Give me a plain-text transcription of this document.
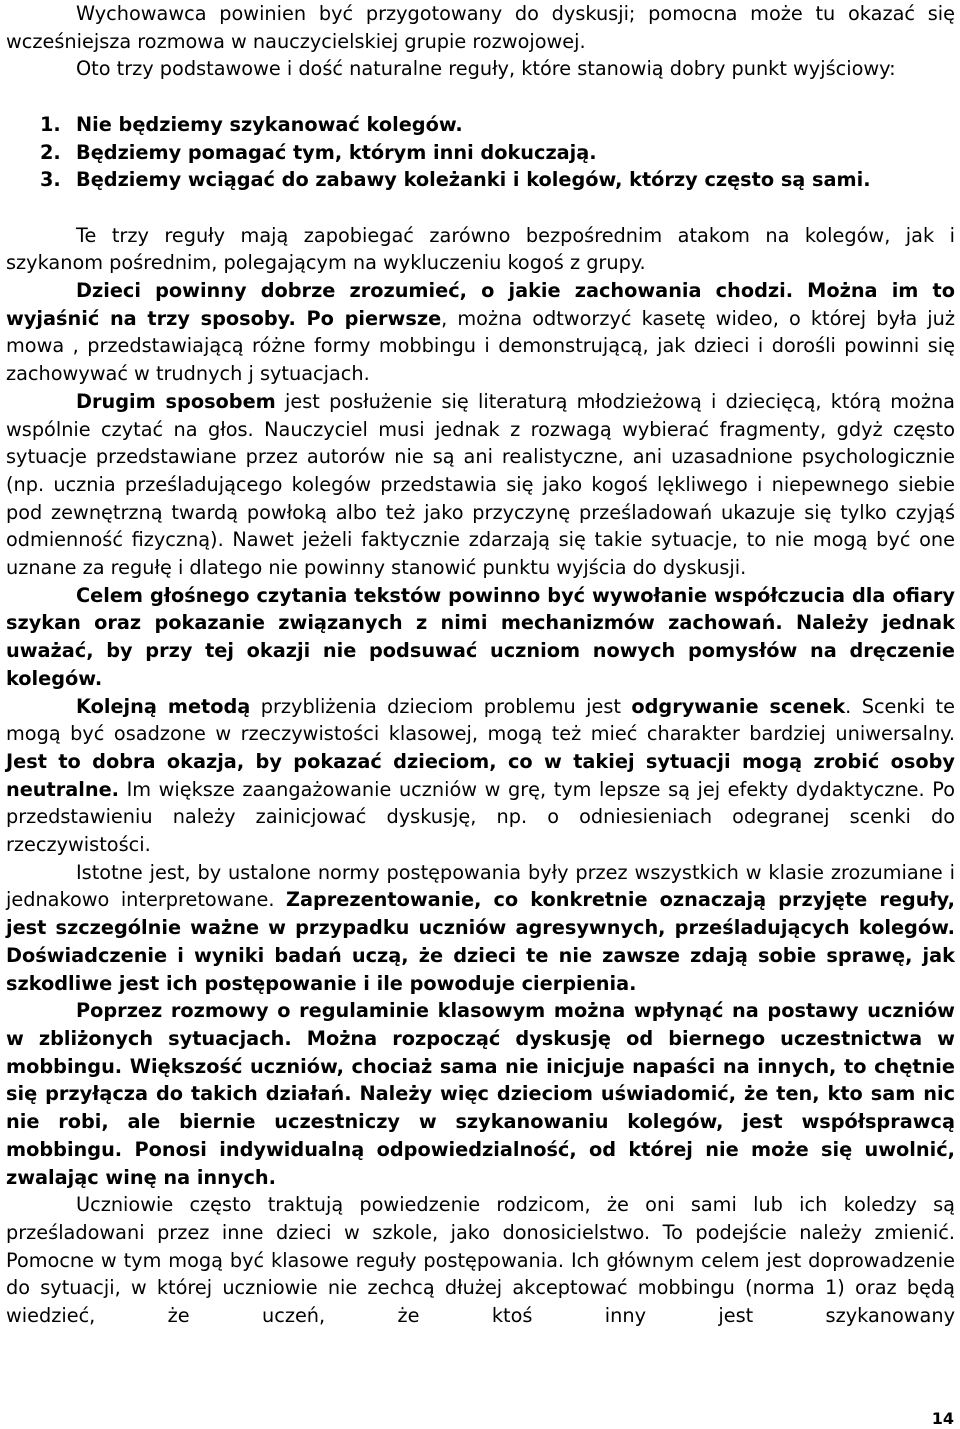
Wychowawca powinien być przygotowany do dyskusji; pomocna może tu okazać się wcześniejsza rozmowa w nauczycielskiej grupie rozwojowej.

Oto trzy podstawowe i dość naturalne reguły, które stanowią dobry punkt wyjściowy:

1. Nie będziemy szykanować kolegów.
2. Będziemy pomagać tym, którym inni dokuczają.
3. Będziemy wciągać do zabawy koleżanki i kolegów, którzy często są sami.

Te trzy reguły mają zapobiegać zarówno bezpośrednim atakom na kolegów, jak i szykanom pośrednim, polegającym na wykluczeniu kogoś z grupy.

Dzieci powinny dobrze zrozumieć, o jakie zachowania chodzi. Można im to wyjaśnić na trzy sposoby. Po pierwsze, można odtworzyć kasetę wideo, o której była już mowa , przedstawiającą różne formy mobbingu i demonstrującą, jak dzieci i dorośli powinni się zachowywać w trudnych j sytuacjach.

Drugim sposobem jest posłużenie się literaturą młodzieżową i dziecięcą, którą można wspólnie czytać na głos. Nauczyciel musi jednak z rozwagą wybierać fragmenty, gdyż często sytuacje przedstawiane przez autorów nie są ani realistyczne, ani uzasadnione psychologicznie (np. ucznia prześladującego kolegów przedstawia się jako kogoś lękliwego i niepewnego siebie pod zewnętrzną twardą powłoką albo też jako przyczynę prześladowań ukazuje się tylko czyjąś odmienność fizyczną). Nawet jeżeli faktycznie zdarzają się takie sytuacje, to nie mogą być one uznane za regułę i dlatego nie powinny stanowić punktu wyjścia do dyskusji.

Celem głośnego czytania tekstów powinno być wywołanie współczucia dla ofiary szykan oraz pokazanie związanych z nimi mechanizmów zachowań. Należy jednak uważać, by przy tej okazji nie podsuwać uczniom nowych pomysłów na dręczenie kolegów.

Kolejną metodą przybliżenia dzieciom problemu jest odgrywanie scenek. Scenki te mogą być osadzone w rzeczywistości klasowej, mogą też mieć charakter bardziej uniwersalny. Jest to dobra okazja, by pokazać dzieciom, co w takiej sytuacji mogą zrobić osoby neutralne. Im większe zaangażowanie uczniów w grę, tym lepsze są jej efekty dydaktyczne. Po przedstawieniu należy zainicjować dyskusję, np. o odniesieniach odegranej scenki do rzeczywistości.

Istotne jest, by ustalone normy postępowania były przez wszystkich w klasie zrozumiane i jednakowo interpretowane. Zaprezentowanie, co konkretnie oznaczają przyjęte reguły, jest szczególnie ważne w przypadku uczniów agresywnych, prześladujących kolegów. Doświadczenie i wyniki badań uczą, że dzieci te nie zawsze zdają sobie sprawę, jak szkodliwe jest ich postępowanie i ile powoduje cierpienia.

Poprzez rozmowy o regulaminie klasowym można wpłynąć na postawy uczniów w zbliżonych sytuacjach. Można rozpocząć dyskusję od biernego uczestnictwa w mobbingu. Większość uczniów, chociaż sama nie inicjuje napaści na innych, to chętnie się przyłącza do takich działań. Należy więc dzieciom uświadomić, że ten, kto sam nic nie robi, ale biernie uczestniczy w szykanowaniu kolegów, jest współsprawcą mobbingu. Ponosi indywidualną odpowiedzialność, od której nie może się uwolnić, zwalając winę na innych.

Uczniowie często traktują powiedzenie rodzicom, że oni sami lub ich koledzy są prześladowani przez inne dzieci w szkole, jako donosicielstwo. To podejście należy zmienić. Pomocne w tym mogą być klasowe reguły postępowania. Ich głównym celem jest doprowadzenie do sytuacji, w której uczniowie nie zechcą dłużej akceptować mobbingu (norma 1) oraz będą wiedzieć, że uczeń, że ktoś inny jest szykanowany

14
